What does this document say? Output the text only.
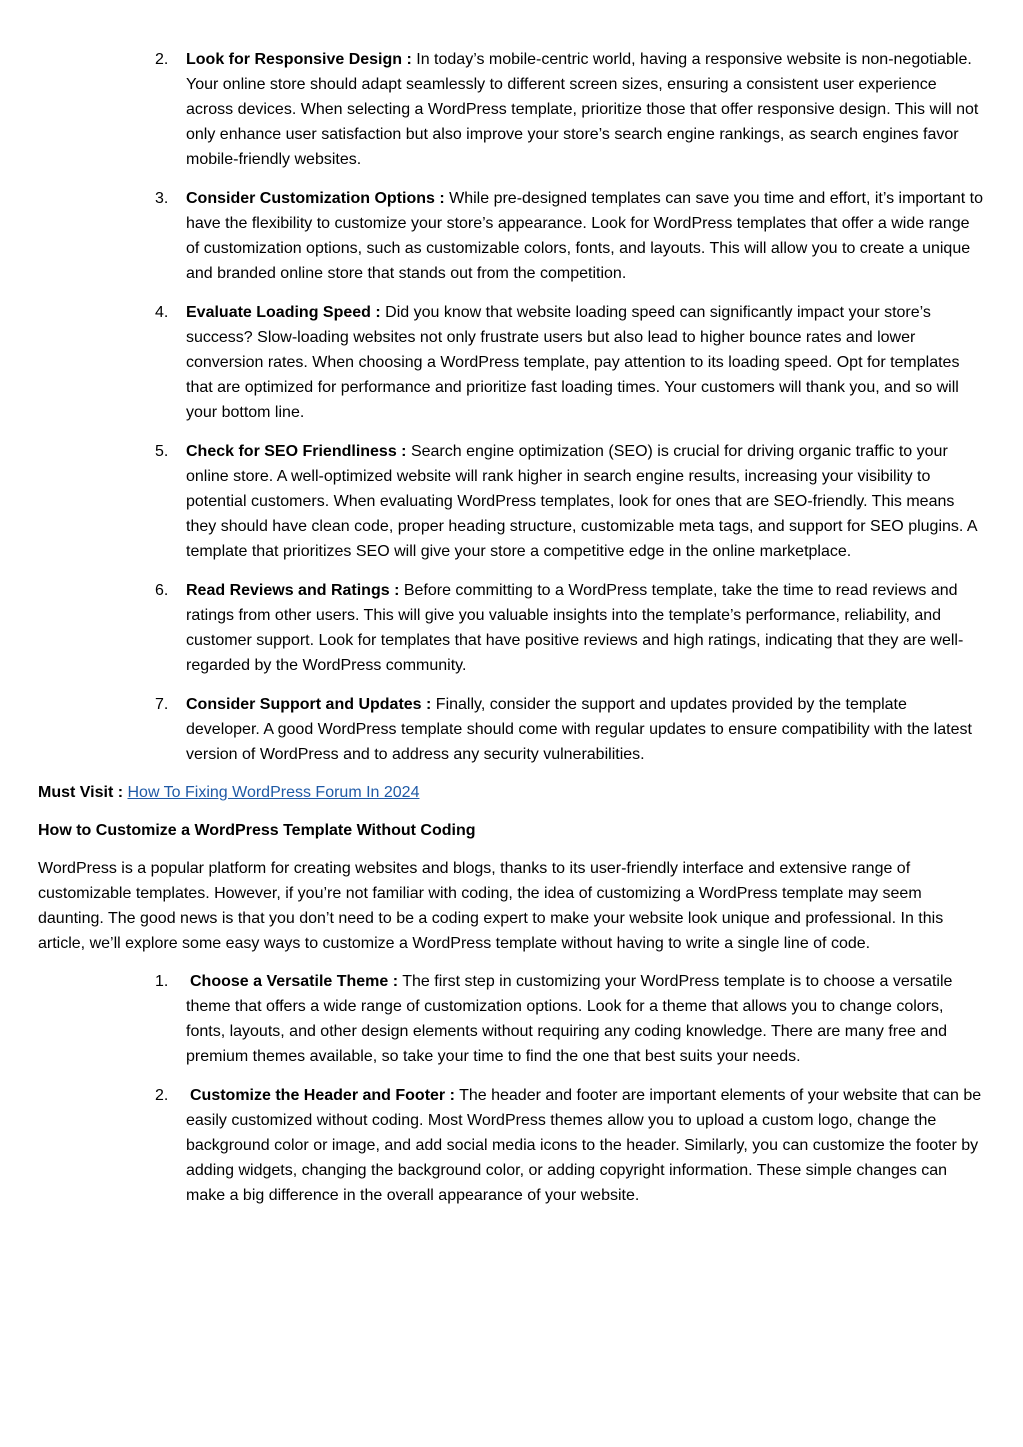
2. Look for Responsive Design : In today’s mobile-centric world, having a responsive website is non-negotiable. Your online store should adapt seamlessly to different screen sizes, ensuring a consistent user experience across devices. When selecting a WordPress template, prioritize those that offer responsive design. This will not only enhance user satisfaction but also improve your store’s search engine rankings, as search engines favor mobile-friendly websites.
3. Consider Customization Options : While pre-designed templates can save you time and effort, it’s important to have the flexibility to customize your store’s appearance. Look for WordPress templates that offer a wide range of customization options, such as customizable colors, fonts, and layouts. This will allow you to create a unique and branded online store that stands out from the competition.
4. Evaluate Loading Speed : Did you know that website loading speed can significantly impact your store’s success? Slow-loading websites not only frustrate users but also lead to higher bounce rates and lower conversion rates. When choosing a WordPress template, pay attention to its loading speed. Opt for templates that are optimized for performance and prioritize fast loading times. Your customers will thank you, and so will your bottom line.
5. Check for SEO Friendliness : Search engine optimization (SEO) is crucial for driving organic traffic to your online store. A well-optimized website will rank higher in search engine results, increasing your visibility to potential customers. When evaluating WordPress templates, look for ones that are SEO-friendly. This means they should have clean code, proper heading structure, customizable meta tags, and support for SEO plugins. A template that prioritizes SEO will give your store a competitive edge in the online marketplace.
6. Read Reviews and Ratings : Before committing to a WordPress template, take the time to read reviews and ratings from other users. This will give you valuable insights into the template’s performance, reliability, and customer support. Look for templates that have positive reviews and high ratings, indicating that they are well-regarded by the WordPress community.
7. Consider Support and Updates : Finally, consider the support and updates provided by the template developer. A good WordPress template should come with regular updates to ensure compatibility with the latest version of WordPress and to address any security vulnerabilities.

Must Visit : How To Fixing WordPress Forum In 2024

How to Customize a WordPress Template Without Coding

WordPress is a popular platform for creating websites and blogs, thanks to its user-friendly interface and extensive range of customizable templates. However, if you’re not familiar with coding, the idea of customizing a WordPress template may seem daunting. The good news is that you don’t need to be a coding expert to make your website look unique and professional. In this article, we’ll explore some easy ways to customize a WordPress template without having to write a single line of code.

1. Choose a Versatile Theme : The first step in customizing your WordPress template is to choose a versatile theme that offers a wide range of customization options. Look for a theme that allows you to change colors, fonts, layouts, and other design elements without requiring any coding knowledge. There are many free and premium themes available, so take your time to find the one that best suits your needs.
2. Customize the Header and Footer : The header and footer are important elements of your website that can be easily customized without coding. Most WordPress themes allow you to upload a custom logo, change the background color or image, and add social media icons to the header. Similarly, you can customize the footer by adding widgets, changing the background color, or adding copyright information. These simple changes can make a big difference in the overall appearance of your website.
